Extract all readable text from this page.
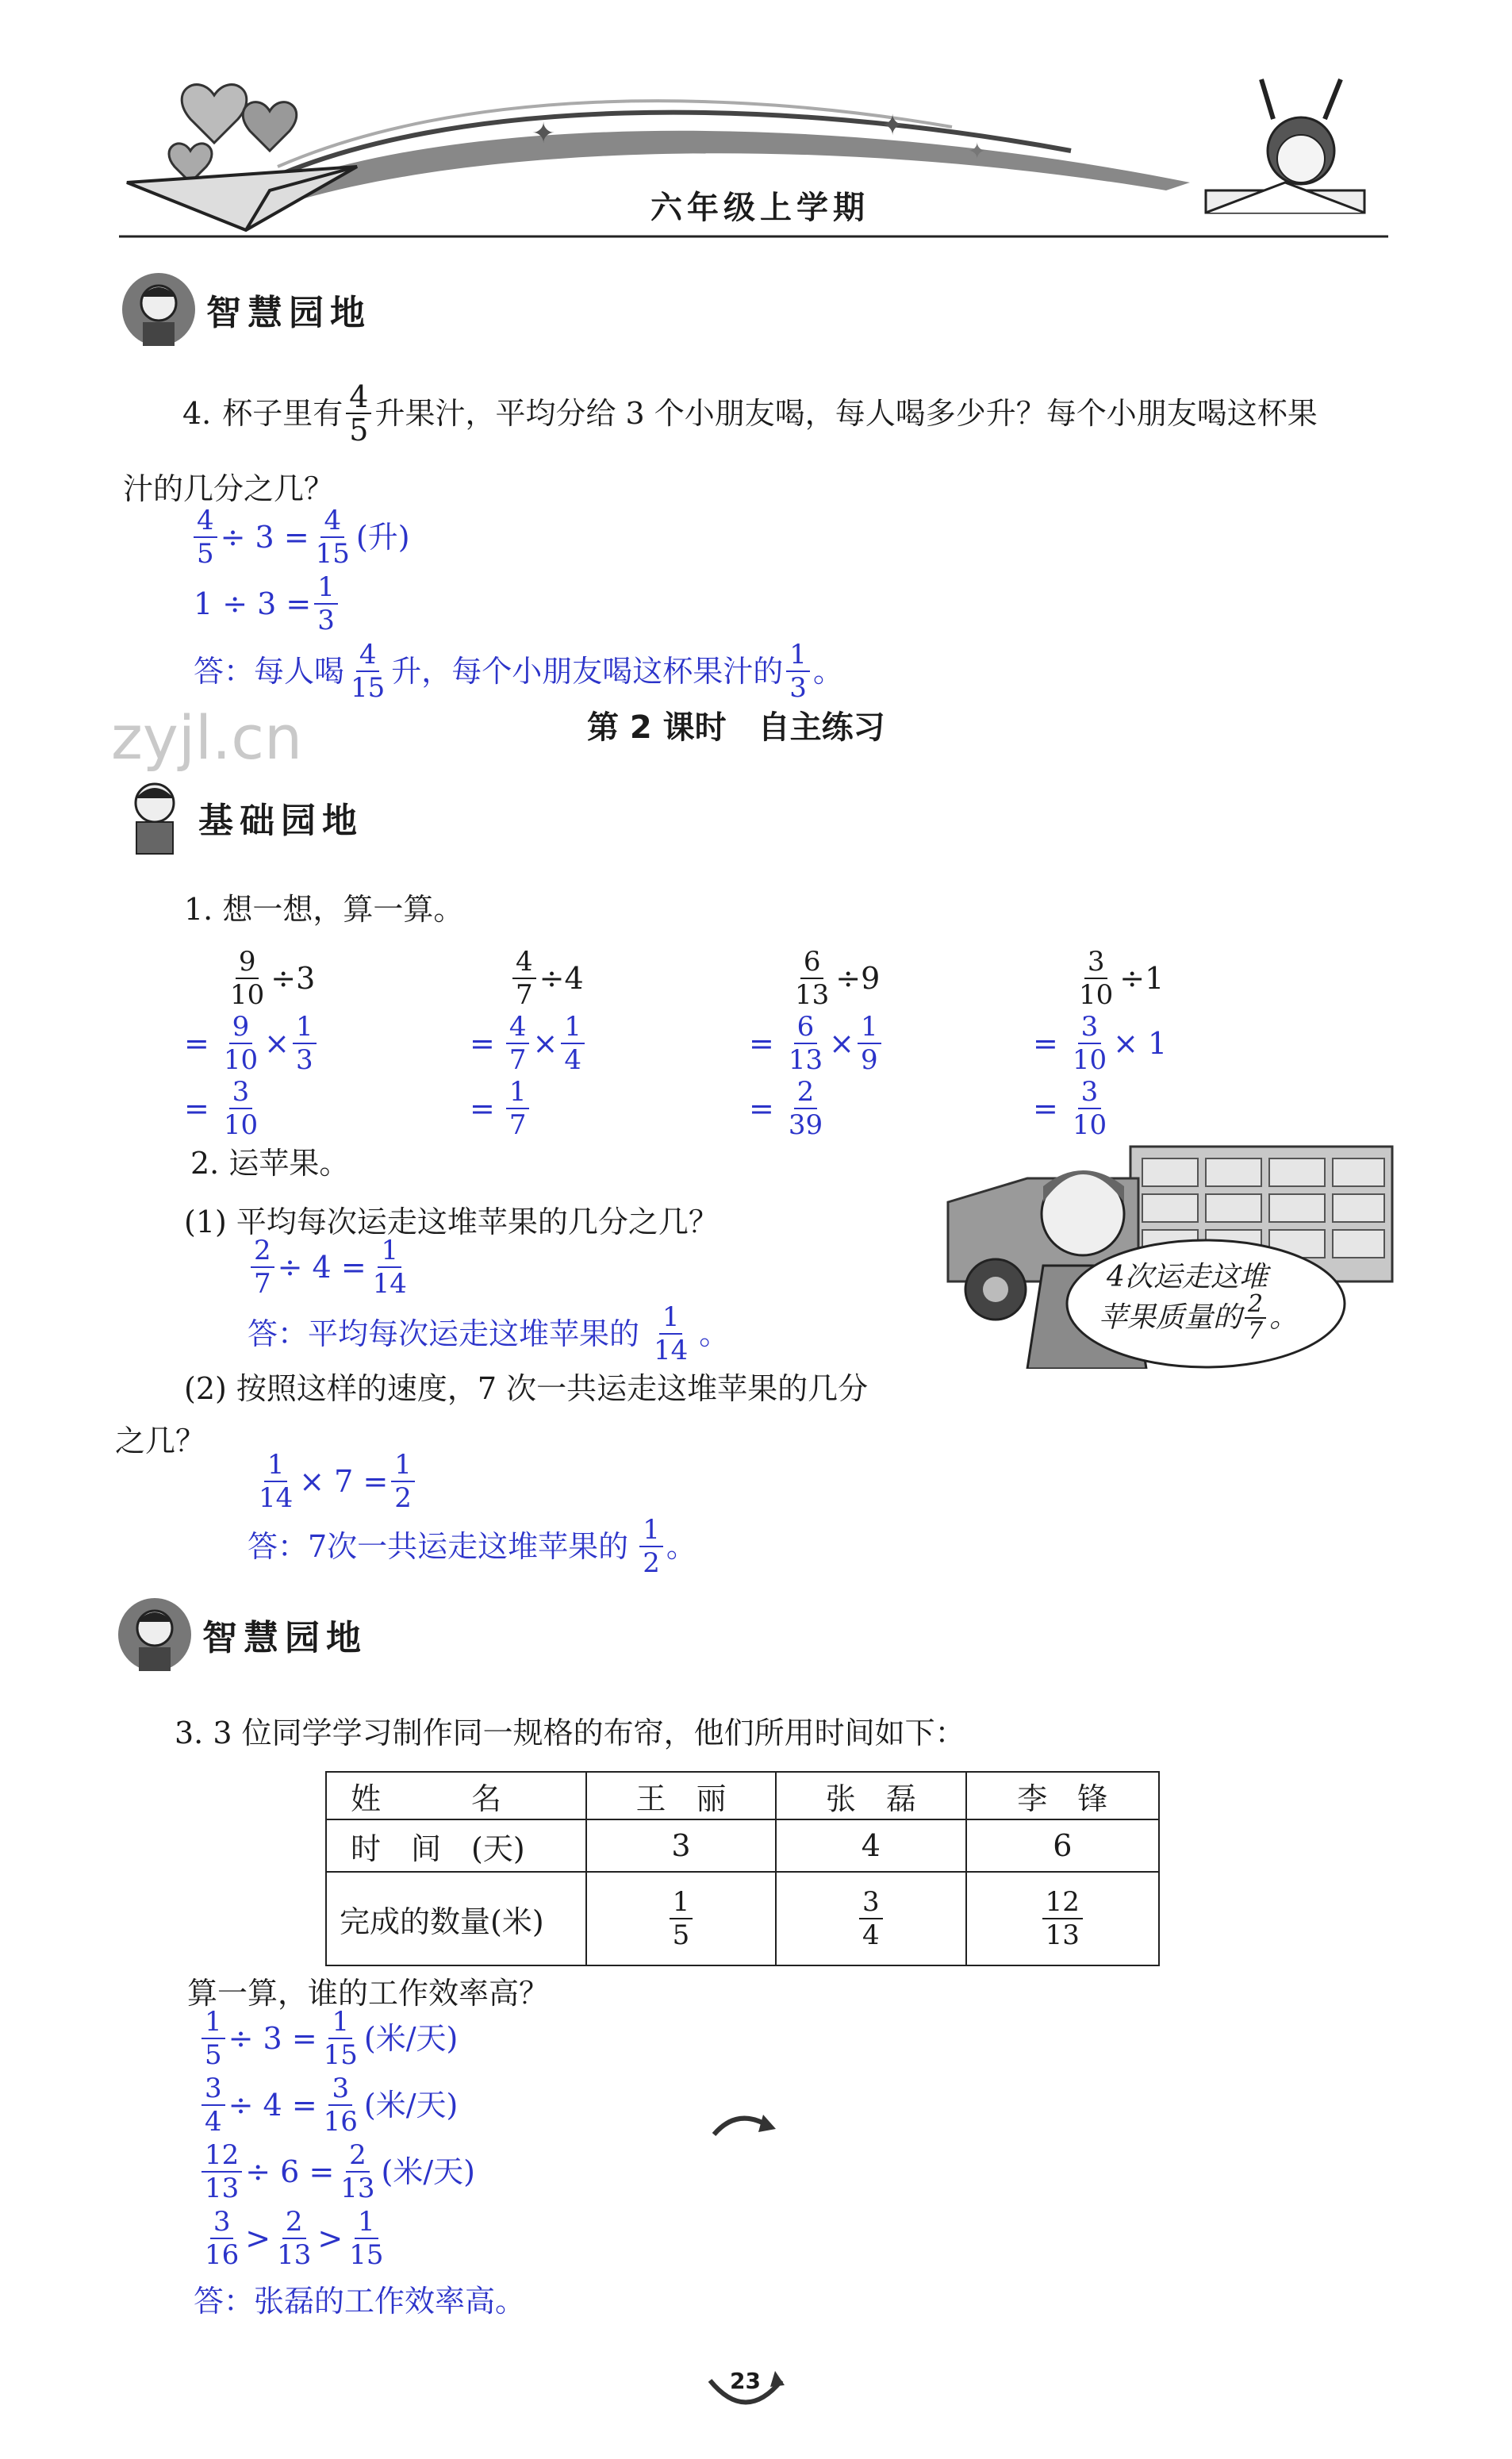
✦	✦
✦
六年级上学期
智慧园地
4. 杯子里有 $\frac{4}{5}$ 升果汁，平均分给 3 个小朋友喝，每人喝多少升？每个小朋友喝这杯果
汁的几分之几？
$\frac{4}{5} \div 3 = \frac{4}{15}$ (升)
$1 \div 3 = \frac{1}{3}$
答：每人喝 $\frac{4}{15}$ 升，每个小朋友喝这杯果汁的 $\frac{1}{3}$ 。
zyjl.cn	第 2 课时　自主练习
基础园地
1. 想一想，算一算。
$\frac{9}{10} \div 3$
= $\frac{9}{10} \times \frac{1}{3}$
= $\frac{3}{10}$
$\frac{4}{7} \div 4$
= $\frac{4}{7} \times \frac{1}{4}$
= $\frac{1}{7}$
$\frac{6}{13} \div 9$
= $\frac{6}{13} \times \frac{1}{9}$
= $\frac{2}{39}$
$\frac{3}{10} \div 1$
= $\frac{3}{10} \times 1$
= $\frac{3}{10}$
2. 运苹果。
(1) 平均每次运走这堆苹果的几分之几？
$\frac{2}{7} \div 4 = \frac{1}{14}$
答：平均每次运走这堆苹果的 $\frac{1}{14}$ 。
(2) 按照这样的速度，7 次一共运走这堆苹果的几分
之几？
$\frac{1}{14} \times 7 = \frac{1}{2}$
答：7次一共运走这堆苹果的 $\frac{1}{2}$ 。
4次运走这堆
苹果质量的 $\frac{2}{7}$ 。
智慧园地
3. 3 位同学学习制作同一规格的布帘，他们所用时间如下：
姓　　　名	王　丽	张　磊	李　锋
时　间　(天)	3	4	6
完成的数量(米)	$\frac{1}{5}$	$\frac{3}{4}$	$\frac{12}{13}$
算一算，谁的工作效率高？
$\frac{1}{5} \div 3 = \frac{1}{15}$ (米/天)
$\frac{3}{4} \div 4 = \frac{3}{16}$ (米/天)
$\frac{12}{13} \div 6 = \frac{2}{13}$ (米/天)
$\frac{3}{16} > \frac{2}{13} > \frac{1}{15}$
答：张磊的工作效率高。
23
